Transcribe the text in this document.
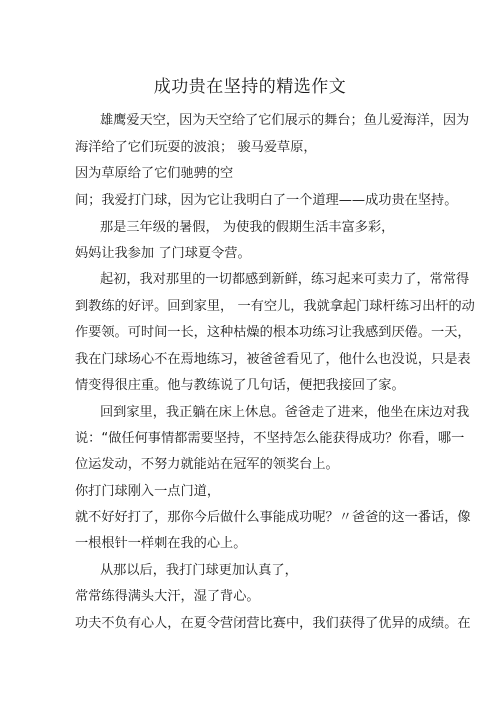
成功贵在坚持的精选作文

雄鹰爱天空，因为天空给了它们展示的舞台；鱼儿爱海洋，因为

海洋给了它们玩耍的波浪； 骏马爱草原，

因为草原给了它们驰骋的空

间；我爱打门球，因为它让我明白了一个道理——成功贵在坚持。

那是三年级的暑假， 为使我的假期生活丰富多彩，

妈妈让我参加 了门球夏令营。

起初，我对那里的一切都感到新鲜，练习起来可卖力了，常常得

到教练的好评。回到家里， 一有空儿，我就拿起门球杆练习出杆的动

作要领。可时间一长，这种枯燥的根本功练习让我感到厌倦。一天，

我在门球场心不在焉地练习，被爸爸看见了，他什么也没说，只是表

情变得很庄重。他与教练说了几句话，便把我接回了家。

回到家里，我正躺在床上休息。爸爸走了进来，他坐在床边对我

说：“做任何事情都需要坚持，不坚持怎么能获得成功？你看，哪一

位运发动，不努力就能站在冠军的领奖台上。

你打门球刚入一点门道，

就不好好打了，那你今后做什么事能成功呢？〃爸爸的这一番话，像

一根根针一样刺在我的心上。

从那以后，我打门球更加认真了，

常常练得满头大汗，湿了背心。

功夫不负有心人，在夏令营闭营比赛中，我们获得了优异的成绩。在
